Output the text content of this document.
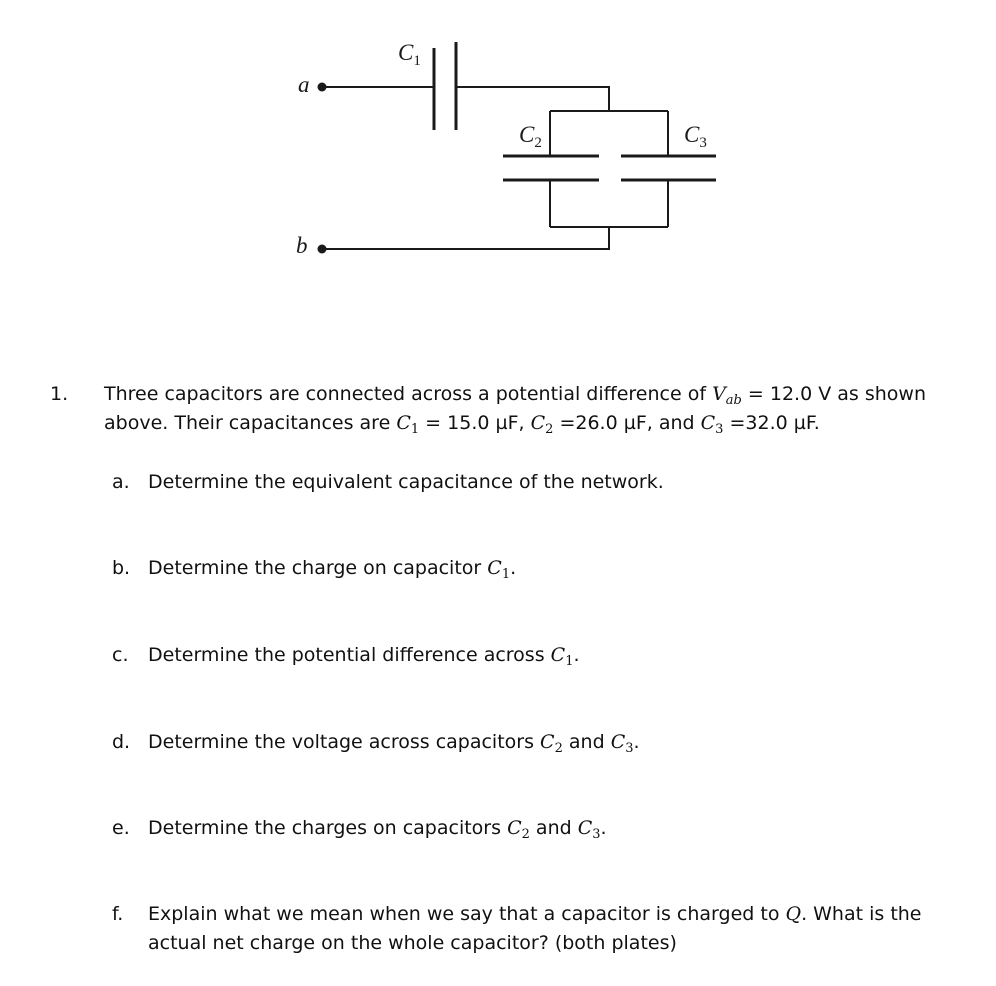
a
b
$C_1$
$C_2$	$C_3$
1. Three capacitors are connected across a potential difference of $V_{ab} = 12.0$ V as shown
above. Their capacitances are $C_1 = 15.0$ µF, $C_2 =26.0$ µF, and $C_3 =32.0$ µF.
a. Determine the equivalent capacitance of the network.
b. Determine the charge on capacitor $C_1$.
c. Determine the potential difference across $C_1$.
d. Determine the voltage across capacitors $C_2$ and $C_3$.
e. Determine the charges on capacitors $C_2$ and $C_3$.
f. Explain what we mean when we say that a capacitor is charged to Q. What is the
actual net charge on the whole capacitor? (both plates)
